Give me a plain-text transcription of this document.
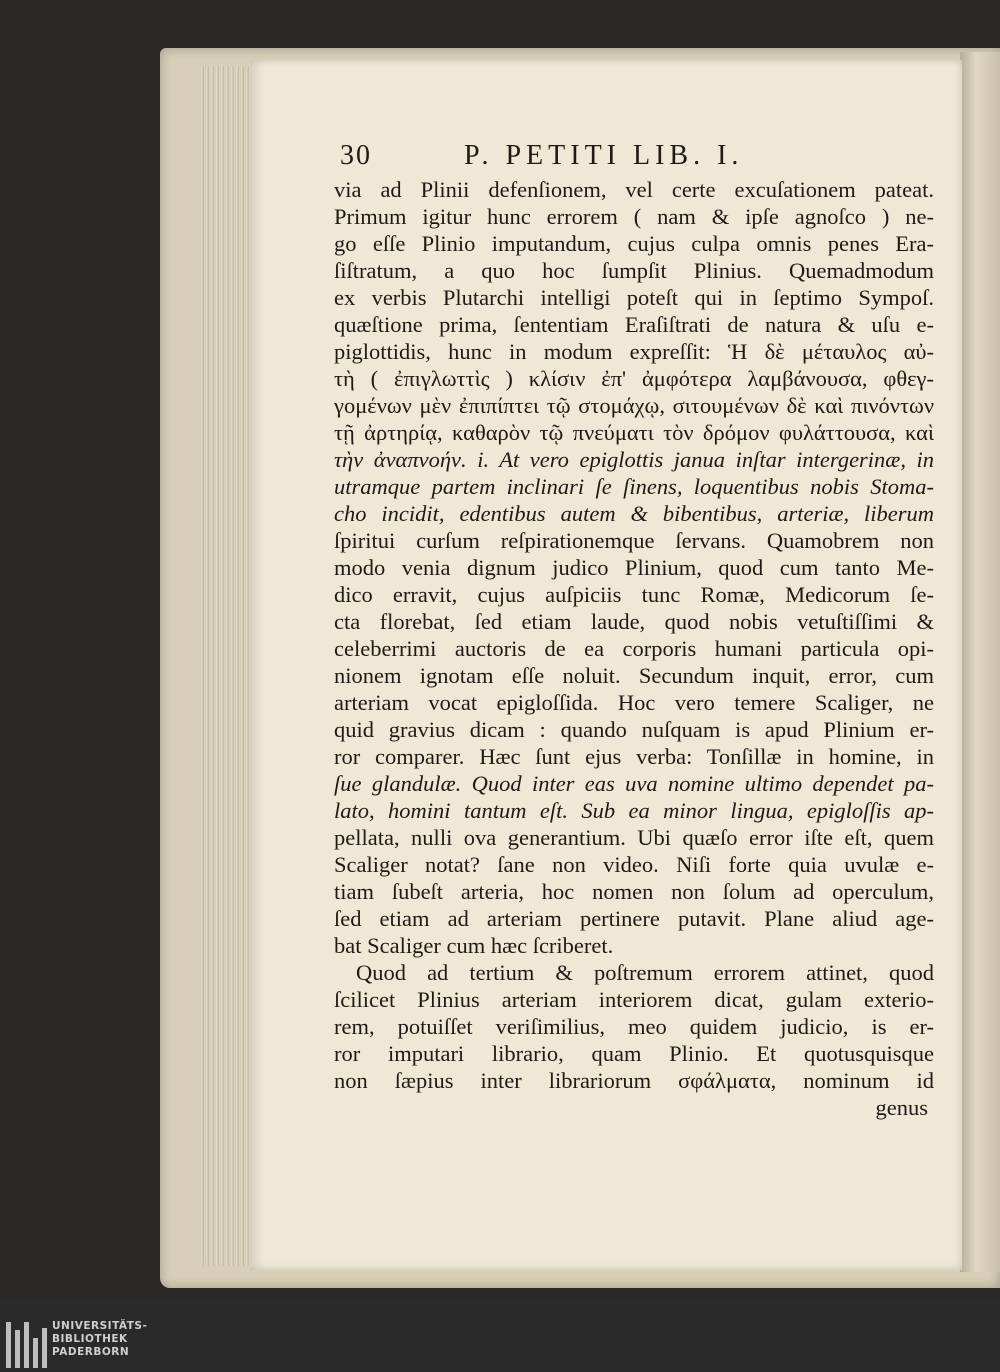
30	P. PETITI LIB. I.
via ad Plinii defenſionem, vel certe excuſationem pateat.
Primum igitur hunc errorem ( nam & ipſe agnoſco ) ne-
go eſſe Plinio imputandum, cujus culpa omnis penes Era-
ſiſtratum, a quo hoc ſumpſit Plinius. Quemadmodum
ex verbis Plutarchi intelligi poteſt qui in ſeptimo Sympoſ.
quæſtione prima, ſententiam Eraſiſtrati de natura & uſu e-
piglottidis, hunc in modum expreſſit: Ἡ δὲ μέταυλος αὐ-
τὴ ( ἐπιγλωττὶς ) κλίσιν ἐπ' ἀμφότερα λαμβάνουσα, φθεγ-
γομένων μὲν ἐπιπίπτει τῷ στομάχῳ, σιτουμένων δὲ καὶ πινόντων
τῇ ἀρτηρίᾳ, καθαρὸν τῷ πνεύματι τὸν δρόμον φυλάττουσα, καὶ
τὴν ἀναπνοήν. i. At vero epiglottis janua inſtar intergerinæ, in
utramque partem inclinari ſe ſinens, loquentibus nobis Stoma-
cho incidit, edentibus autem & bibentibus, arteriæ, liberum
ſpiritui curſum reſpirationemque ſervans. Quamobrem non
modo venia dignum judico Plinium, quod cum tanto Me-
dico erravit, cujus auſpiciis tunc Romæ, Medicorum ſe-
cta florebat, ſed etiam laude, quod nobis vetuſtiſſimi &
celeberrimi auctoris de ea corporis humani particula opi-
nionem ignotam eſſe noluit. Secundum inquit, error, cum
arteriam vocat epigloſſida. Hoc vero temere Scaliger, ne
quid gravius dicam : quando nuſquam is apud Plinium er-
ror comparer. Hæc ſunt ejus verba: Tonſillæ in homine, in
ſue glandulæ. Quod inter eas uva nomine ultimo dependet pa-
lato, homini tantum eſt. Sub ea minor lingua, epigloſſis ap-
pellata, nulli ova generantium. Ubi quæſo error iſte eſt, quem
Scaliger notat? ſane non video. Niſi forte quia uvulæ e-
tiam ſubeſt arteria, hoc nomen non ſolum ad operculum,
ſed etiam ad arteriam pertinere putavit. Plane aliud age-
bat Scaliger cum hæc ſcriberet.
Quod ad tertium & poſtremum errorem attinet, quod
ſcilicet Plinius arteriam interiorem dicat, gulam exterio-
rem, potuiſſet veriſimilius, meo quidem judicio, is er-
ror imputari librario, quam Plinio. Et quotusquisque
non ſæpius inter librariorum σφάλματα, nominum id
genus
UNIVERSITÄTS-
BIBLIOTHEK
PADERBORN
